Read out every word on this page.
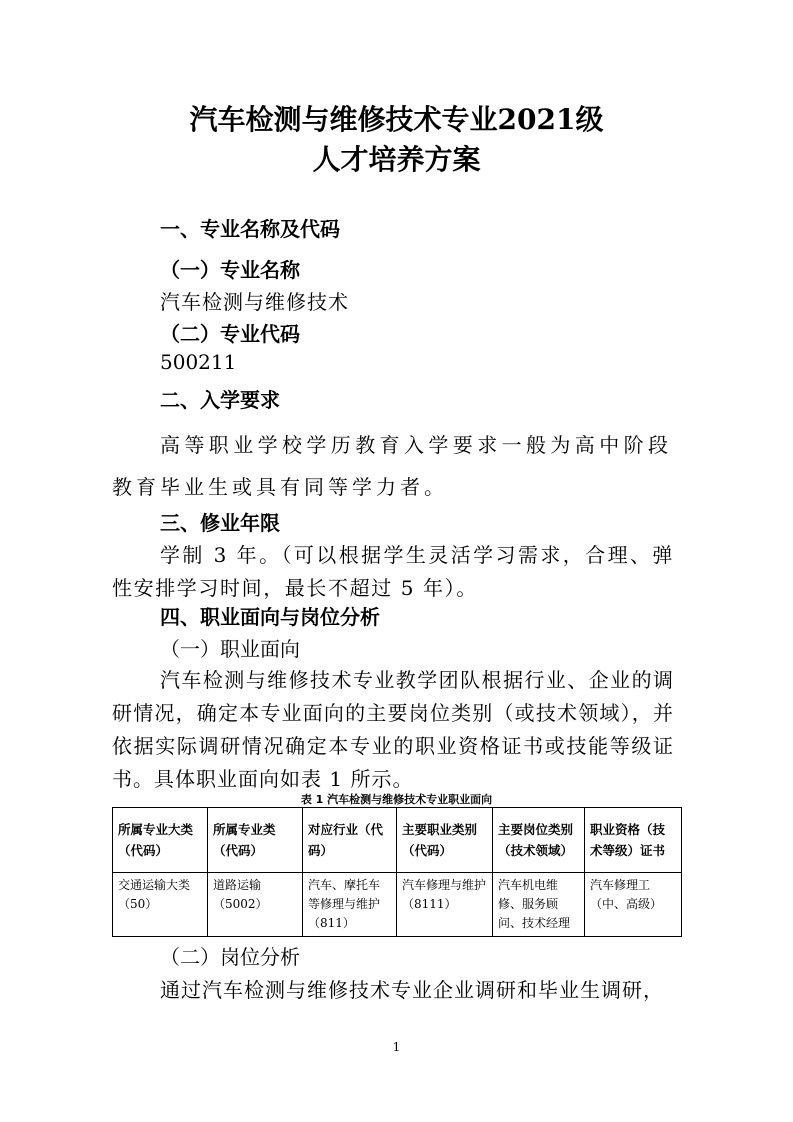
汽车检测与维修技术专业2021级
人才培养方案
一、专业名称及代码
（一）专业名称
汽车检测与维修技术
（二）专业代码
500211
二、入学要求
高等职业学校学历教育入学要求一般为高中阶段教育毕业生或具有同等学力者。
三、修业年限
学制 3 年。（可以根据学生灵活学习需求，合理、弹性安排学习时间，最长不超过 5 年）。
四、职业面向与岗位分析
（一）职业面向
汽车检测与维修技术专业教学团队根据行业、企业的调研情况，确定本专业面向的主要岗位类别（或技术领域），并依据实际调研情况确定本专业的职业资格证书或技能等级证书。具体职业面向如表 1 所示。
表 1 汽车检测与维修技术专业职业面向
所属专业大类（代码）	所属专业类（代码）	对应行业（代码）	主要职业类别（代码）	主要岗位类别（技术领域）	职业资格（技术等级）证书
交通运输大类（50）	道路运输（5002）	汽车、摩托车等修理与维护（811）	汽车修理与维护（8111）	汽车机电维修、服务顾问、技术经理	汽车修理工（中、高级）
（二）岗位分析
通过汽车检测与维修技术专业企业调研和毕业生调研，
1
